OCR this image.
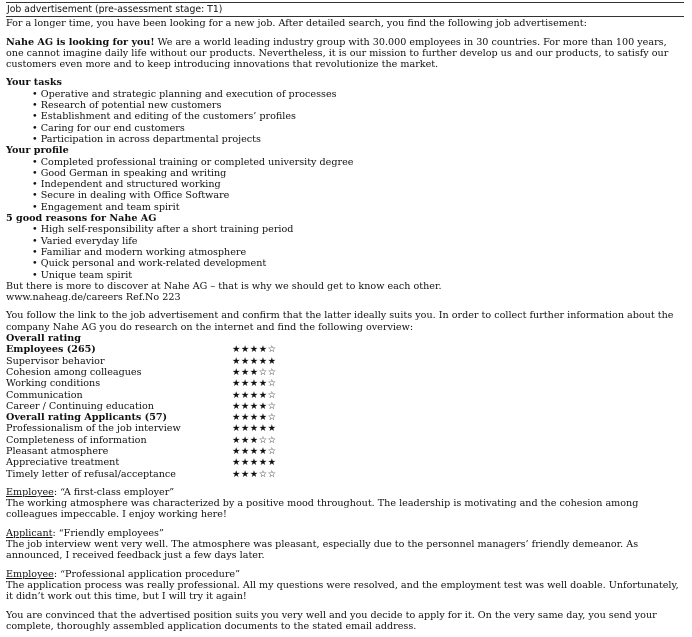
Job advertisement (pre-assessment stage: T1)

For a longer time, you have been looking for a new job. After detailed search, you find the following job advertisement:

Nahe AG is looking for you! We are a world leading industry group with 30.000 employees in 30 countries. For more than 100 years, one cannot imagine daily life without our products. Nevertheless, it is our mission to further develop us and our products, to satisfy our customers even more and to keep introducing innovations that revolutionize the market.

Your tasks
• Operative and strategic planning and execution of processes
• Research of potential new customers
• Establishment and editing of the customers’ profiles
• Caring for our end customers
• Participation in across departmental projects
Your profile
• Completed professional training or completed university degree
• Good German in speaking and writing
• Independent and structured working
• Secure in dealing with Office Software
• Engagement and team spirit
5 good reasons for Nahe AG
• High self-responsibility after a short training period
• Varied everyday life
• Familiar and modern working atmosphere
• Quick personal and work-related development
• Unique team spirit

But there is more to discover at Nahe AG – that is why we should get to know each other.

www.naheag.de/careers Ref.No 223

You follow the link to the job advertisement and confirm that the latter ideally suits you. In order to collect further information about the company Nahe AG you do research on the internet and find the following overview:

Overall rating
Employees (265)	★★★★☆
Supervisor behavior	★★★★★
Cohesion among colleagues	★★★☆☆
Working conditions	★★★★☆
Communication	★★★★☆
Career / Continuing education	★★★★☆
Overall rating Applicants (57)	★★★★☆
Professionalism of the job interview	★★★★★
Completeness of information	★★★☆☆
Pleasant atmosphere	★★★★☆
Appreciative treatment	★★★★★
Timely letter of refusal/acceptance	★★★☆☆

Employee: “A first-class employer”

The working atmosphere was characterized by a positive mood throughout. The leadership is motivating and the cohesion among colleagues impeccable. I enjoy working here!

Applicant: “Friendly employees”

The job interview went very well. The atmosphere was pleasant, especially due to the personnel managers’ friendly demeanor. As announced, I received feedback just a few days later.

Employee: “Professional application procedure”

The application process was really professional. All my questions were resolved, and the employment test was well doable. Unfortunately, it didn’t work out this time, but I will try it again!

You are convinced that the advertised position suits you very well and you decide to apply for it. On the very same day, you send your complete, thoroughly assembled application documents to the stated email address.
